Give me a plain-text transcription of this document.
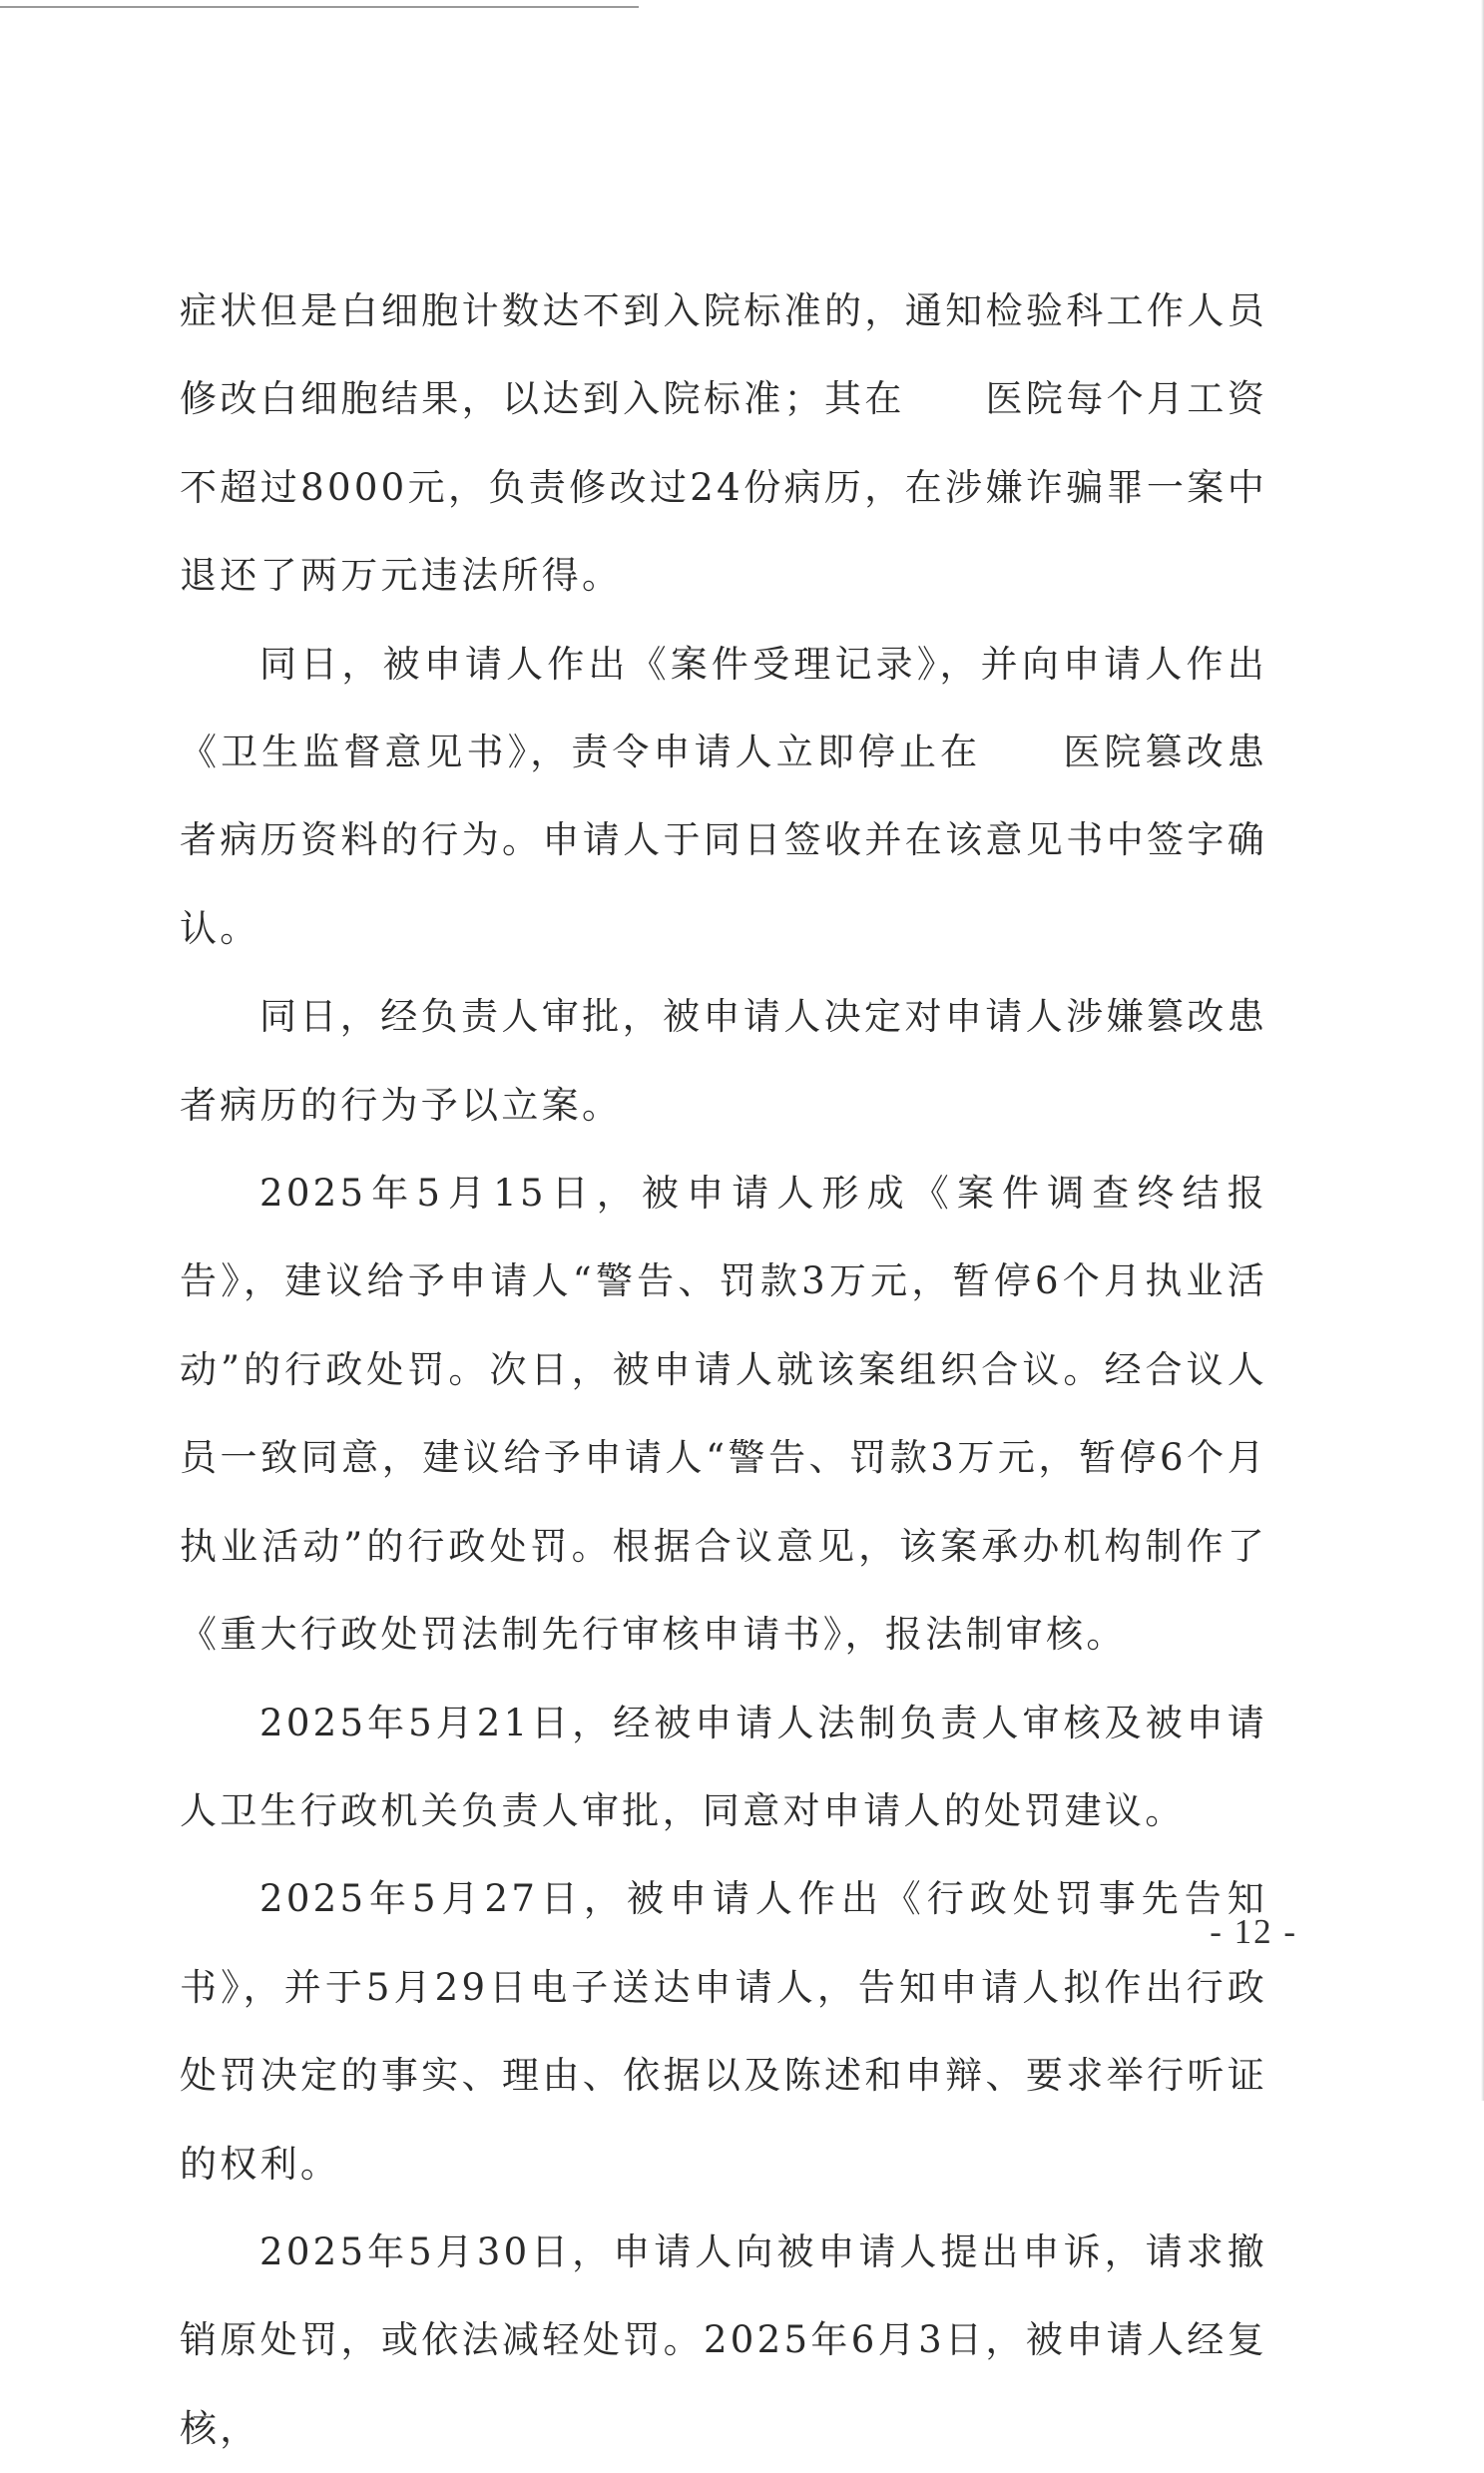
症状但是白细胞计数达不到入院标准的，通知检验科工作人员修改白细胞结果，以达到入院标准；其在　　医院每个月工资不超过8000元，负责修改过24份病历，在涉嫌诈骗罪一案中退还了两万元违法所得。

同日，被申请人作出《案件受理记录》，并向申请人作出《卫生监督意见书》，责令申请人立即停止在　　医院篡改患者病历资料的行为。申请人于同日签收并在该意见书中签字确认。

同日，经负责人审批，被申请人决定对申请人涉嫌篡改患者病历的行为予以立案。

2025年5月15日，被申请人形成《案件调查终结报告》，建议给予申请人“警告、罚款3万元，暂停6个月执业活动”的行政处罚。次日，被申请人就该案组织合议。经合议人员一致同意，建议给予申请人“警告、罚款3万元，暂停6个月执业活动”的行政处罚。根据合议意见，该案承办机构制作了《重大行政处罚法制先行审核申请书》，报法制审核。

2025年5月21日，经被申请人法制负责人审核及被申请人卫生行政机关负责人审批，同意对申请人的处罚建议。

2025年5月27日，被申请人作出《行政处罚事先告知书》，并于5月29日电子送达申请人，告知申请人拟作出行政处罚决定的事实、理由、依据以及陈述和申辩、要求举行听证的权利。

2025年5月30日，申请人向被申请人提出申诉，请求撤销原处罚，或依法减轻处罚。2025年6月3日，被申请人经复核，

- 12 -
